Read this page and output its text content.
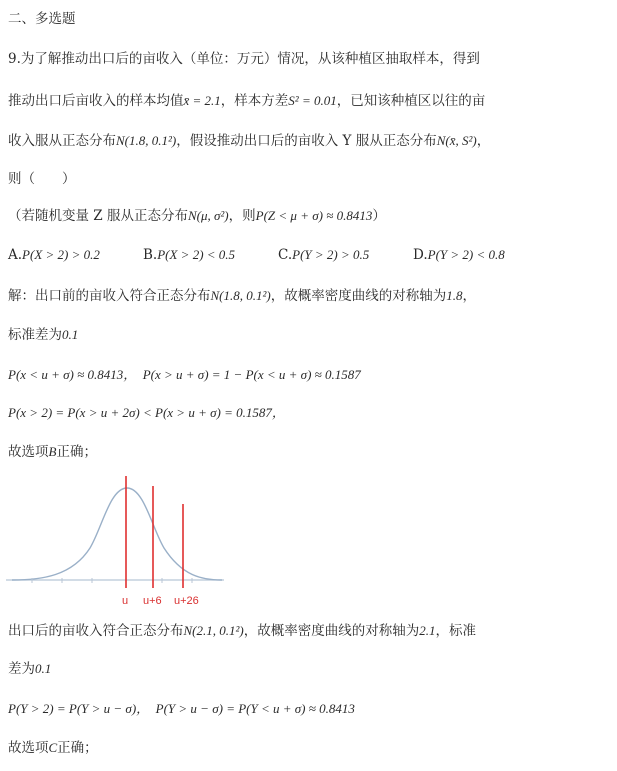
二、多选题
9.为了解推动出口后的亩收入（单位：万元）情况，从该种植区抽取样本，得到
推动出口后亩收入的样本均值x̄ = 2.1，样本方差S² = 0.01，已知该种植区以往的亩
收入服从正态分布N(1.8, 0.1²)，假设推动出口后的亩收入 Y 服从正态分布N(x̄, S²)，
则（　　）
（若随机变量 Z 服从正态分布N(μ, σ²)，则P(Z < μ + σ) ≈ 0.8413）
A.P(X > 2) > 0.2	B.P(X > 2) < 0.5	C.P(Y > 2) > 0.5	D.P(Y > 2) < 0.8
解：出口前的亩收入符合正态分布N(1.8, 0.1²)，故概率密度曲线的对称轴为1.8，
标准差为0.1
P(x < u + σ) ≈ 0.8413，　P(x > u + σ) = 1 − P(x < u + σ) ≈ 0.1587
P(x > 2) = P(x > u + 2σ) < P(x > u + σ) = 0.1587，
故选项B正确；
u u+6 u+26
出口后的亩收入符合正态分布N(2.1, 0.1²)，故概率密度曲线的对称轴为2.1，标准
差为0.1
P(Y > 2) = P(Y > u − σ)，　P(Y > u − σ) = P(Y < u + σ) ≈ 0.8413
故选项C正确；
